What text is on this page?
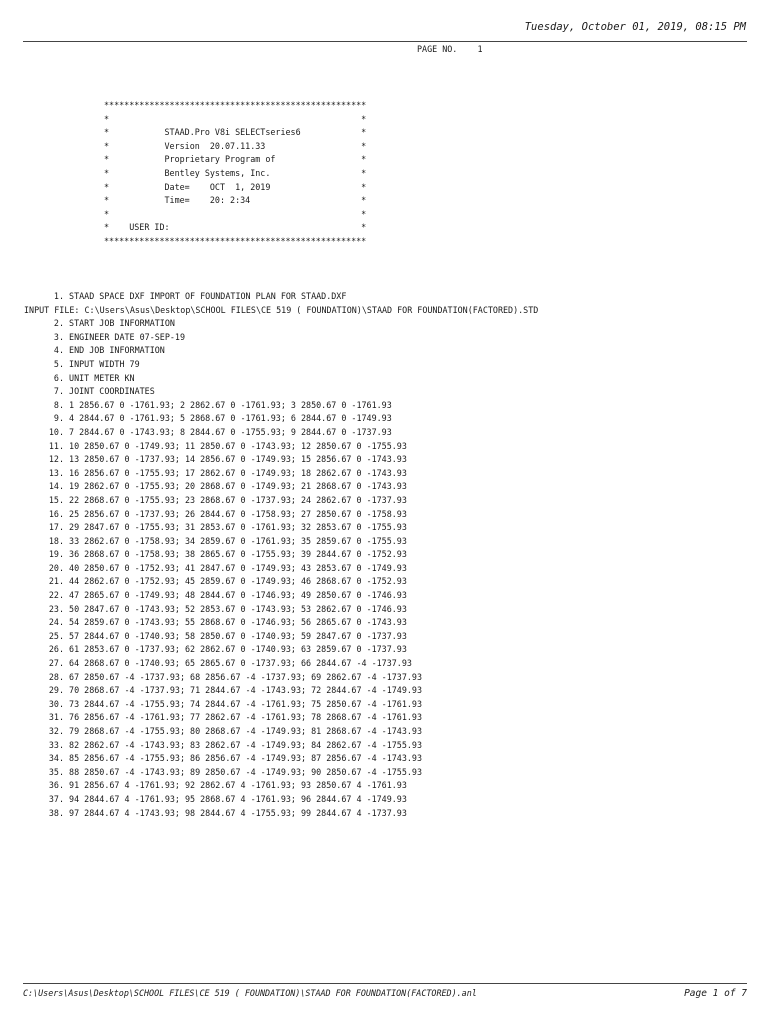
Tuesday, October 01, 2019, 08:15 PM
PAGE NO.    1
****************************************************
*                                                  *
*           STAAD.Pro V8i SELECTseries6            *
*           Version  20.07.11.33                   *
*           Proprietary Program of                 *
*           Bentley Systems, Inc.                  *
*           Date=    OCT  1, 2019                  *
*           Time=    20: 2:34                      *
*                                                  *
*    USER ID:                                      *
****************************************************
1. STAAD SPACE DXF IMPORT OF FOUNDATION PLAN FOR STAAD.DXF
INPUT FILE: C:\Users\Asus\Desktop\SCHOOL FILES\CE 519 ( FOUNDATION)\STAAD FOR FOUNDATION(FACTORED).STD
2. START JOB INFORMATION
3. ENGINEER DATE 07-SEP-19
4. END JOB INFORMATION
5. INPUT WIDTH 79
6. UNIT METER KN
7. JOINT COORDINATES
8. 1 2856.67 0 -1761.93; 2 2862.67 0 -1761.93; 3 2850.67 0 -1761.93
9. 4 2844.67 0 -1761.93; 5 2868.67 0 -1761.93; 6 2844.67 0 -1749.93
10. 7 2844.67 0 -1743.93; 8 2844.67 0 -1755.93; 9 2844.67 0 -1737.93
11. 10 2850.67 0 -1749.93; 11 2850.67 0 -1743.93; 12 2850.67 0 -1755.93
12. 13 2850.67 0 -1737.93; 14 2856.67 0 -1749.93; 15 2856.67 0 -1743.93
13. 16 2856.67 0 -1755.93; 17 2862.67 0 -1749.93; 18 2862.67 0 -1743.93
14. 19 2862.67 0 -1755.93; 20 2868.67 0 -1749.93; 21 2868.67 0 -1743.93
15. 22 2868.67 0 -1755.93; 23 2868.67 0 -1737.93; 24 2862.67 0 -1737.93
16. 25 2856.67 0 -1737.93; 26 2844.67 0 -1758.93; 27 2850.67 0 -1758.93
17. 29 2847.67 0 -1755.93; 31 2853.67 0 -1761.93; 32 2853.67 0 -1755.93
18. 33 2862.67 0 -1758.93; 34 2859.67 0 -1761.93; 35 2859.67 0 -1755.93
19. 36 2868.67 0 -1758.93; 38 2865.67 0 -1755.93; 39 2844.67 0 -1752.93
20. 40 2850.67 0 -1752.93; 41 2847.67 0 -1749.93; 43 2853.67 0 -1749.93
21. 44 2862.67 0 -1752.93; 45 2859.67 0 -1749.93; 46 2868.67 0 -1752.93
22. 47 2865.67 0 -1749.93; 48 2844.67 0 -1746.93; 49 2850.67 0 -1746.93
23. 50 2847.67 0 -1743.93; 52 2853.67 0 -1743.93; 53 2862.67 0 -1746.93
24. 54 2859.67 0 -1743.93; 55 2868.67 0 -1746.93; 56 2865.67 0 -1743.93
25. 57 2844.67 0 -1740.93; 58 2850.67 0 -1740.93; 59 2847.67 0 -1737.93
26. 61 2853.67 0 -1737.93; 62 2862.67 0 -1740.93; 63 2859.67 0 -1737.93
27. 64 2868.67 0 -1740.93; 65 2865.67 0 -1737.93; 66 2844.67 -4 -1737.93
28. 67 2850.67 -4 -1737.93; 68 2856.67 -4 -1737.93; 69 2862.67 -4 -1737.93
29. 70 2868.67 -4 -1737.93; 71 2844.67 -4 -1743.93; 72 2844.67 -4 -1749.93
30. 73 2844.67 -4 -1755.93; 74 2844.67 -4 -1761.93; 75 2850.67 -4 -1761.93
31. 76 2856.67 -4 -1761.93; 77 2862.67 -4 -1761.93; 78 2868.67 -4 -1761.93
32. 79 2868.67 -4 -1755.93; 80 2868.67 -4 -1749.93; 81 2868.67 -4 -1743.93
33. 82 2862.67 -4 -1743.93; 83 2862.67 -4 -1749.93; 84 2862.67 -4 -1755.93
34. 85 2856.67 -4 -1755.93; 86 2856.67 -4 -1749.93; 87 2856.67 -4 -1743.93
35. 88 2850.67 -4 -1743.93; 89 2850.67 -4 -1749.93; 90 2850.67 -4 -1755.93
36. 91 2856.67 4 -1761.93; 92 2862.67 4 -1761.93; 93 2850.67 4 -1761.93
37. 94 2844.67 4 -1761.93; 95 2868.67 4 -1761.93; 96 2844.67 4 -1749.93
38. 97 2844.67 4 -1743.93; 98 2844.67 4 -1755.93; 99 2844.67 4 -1737.93
C:\Users\Asus\Desktop\SCHOOL FILES\CE 519 ( FOUNDATION)\STAAD FOR FOUNDATION(FACTORED).anl	Page 1 of 7
